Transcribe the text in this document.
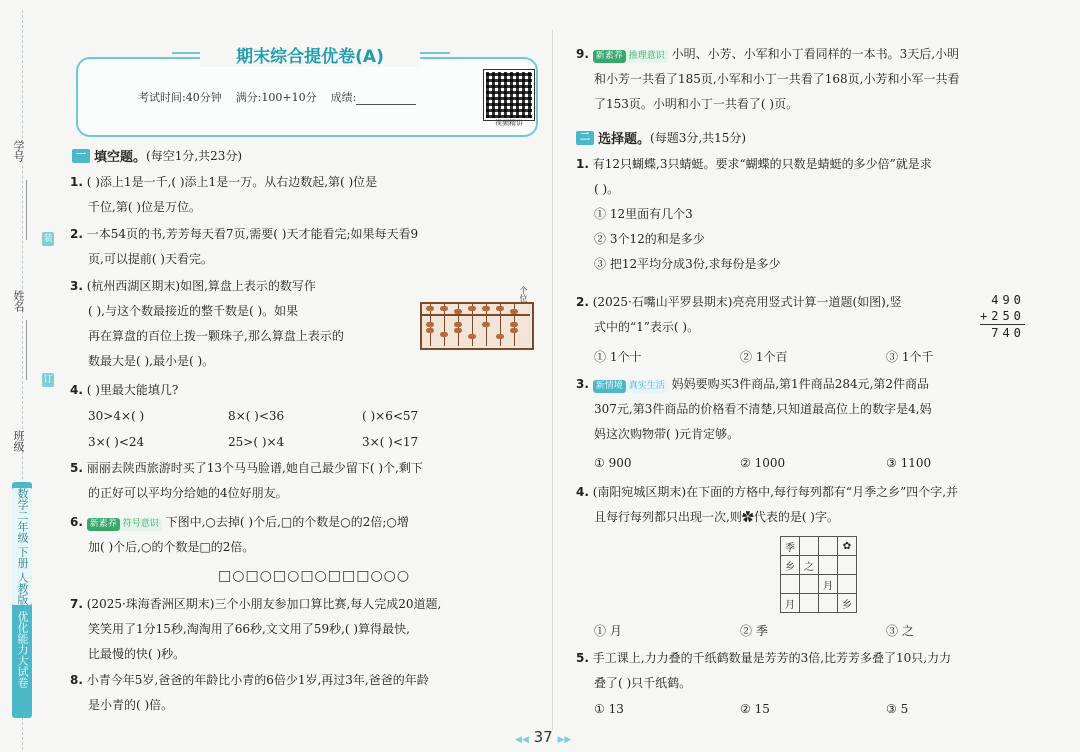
学号
装
姓名
订
班级
数学二年级 下册 人教版
优化能力大试卷
期末综合提优卷(A)
考试时间:40分钟 满分:100+10分 成绩:
视频精讲
一 填空题。 (每空1分,共23分)
1. ( )添上1是一千,( )添上1是一万。从右边数起,第( )位是
千位,第( )位是万位。
2. 一本54页的书,芳芳每天看7页,需要( )天才能看完;如果每天看9
页,可以提前( )天看完。
3. (杭州西湖区期末)如图,算盘上表示的数写作
( ),与这个数最接近的整千数是( )。如果
再在算盘的百位上拨一颗珠子,那么算盘上表示的
数最大是( ),最小是( )。
个位
4. ( )里最大能填几?
30>4×( )	8×( )<36	( )×6<57
3×( )<24	25>( )×4	3×( )<17
5. 丽丽去陕西旅游时买了13个马马脸谱,她自己最少留下( )个,剩下
的正好可以平均分给她的4位好朋友。
6. 新素养 符号意识 下图中,○去掉( )个后,□的个数是○的2倍;○增
加( )个后,○的个数是□的2倍。
□○□○□○□○□□□○○○
7. (2025·珠海香洲区期末)三个小朋友参加口算比赛,每人完成20道题,
笑笑用了1分15秒,淘淘用了66秒,文文用了59秒,( )算得最快,
比最慢的快( )秒。
8. 小青今年5岁,爸爸的年龄比小青的6倍少1岁,再过3年,爸爸的年龄
是小青的( )倍。
9. 新素养 推理意识 小明、小芳、小军和小丁看同样的一本书。3天后,小明
和小芳一共看了185页,小军和小丁一共看了168页,小芳和小军一共看
了153页。小明和小丁一共看了( )页。
二 选择题。 (每题3分,共15分)
1. 有12只蝴蝶,3只蜻蜓。要求“蝴蝶的只数是蜻蜓的多少倍”就是求
( )。
① 12里面有几个3
② 3个12的和是多少
③ 把12平均分成3份,求每份是多少
2. (2025·石嘴山平罗县期末)亮亮用竖式计算一道题(如图),竖
式中的“1”表示( )。
490
+250
740
① 1个十	② 1个百	③ 1个千
3. 新情境 真实生活 妈妈要购买3件商品,第1件商品284元,第2件商品
307元,第3件商品的价格看不清楚,只知道最高位上的数字是4,妈
妈这次购物带( )元肯定够。
① 900	② 1000	③ 1100
4. (南阳宛城区期末)在下面的方格中,每行每列都有“月季之乡”四个字,并
且每行每列都只出现一次,则✿代表的是( )字。
季			✿
乡	之		
		月	
月			乡
① 月	② 季	③ 之
5. 手工课上,力力叠的千纸鹤数量是芳芳的3倍,比芳芳多叠了10只,力力
叠了( )只千纸鹤。
① 13	② 15	③ 5
◀◀ 37 ▶▶
